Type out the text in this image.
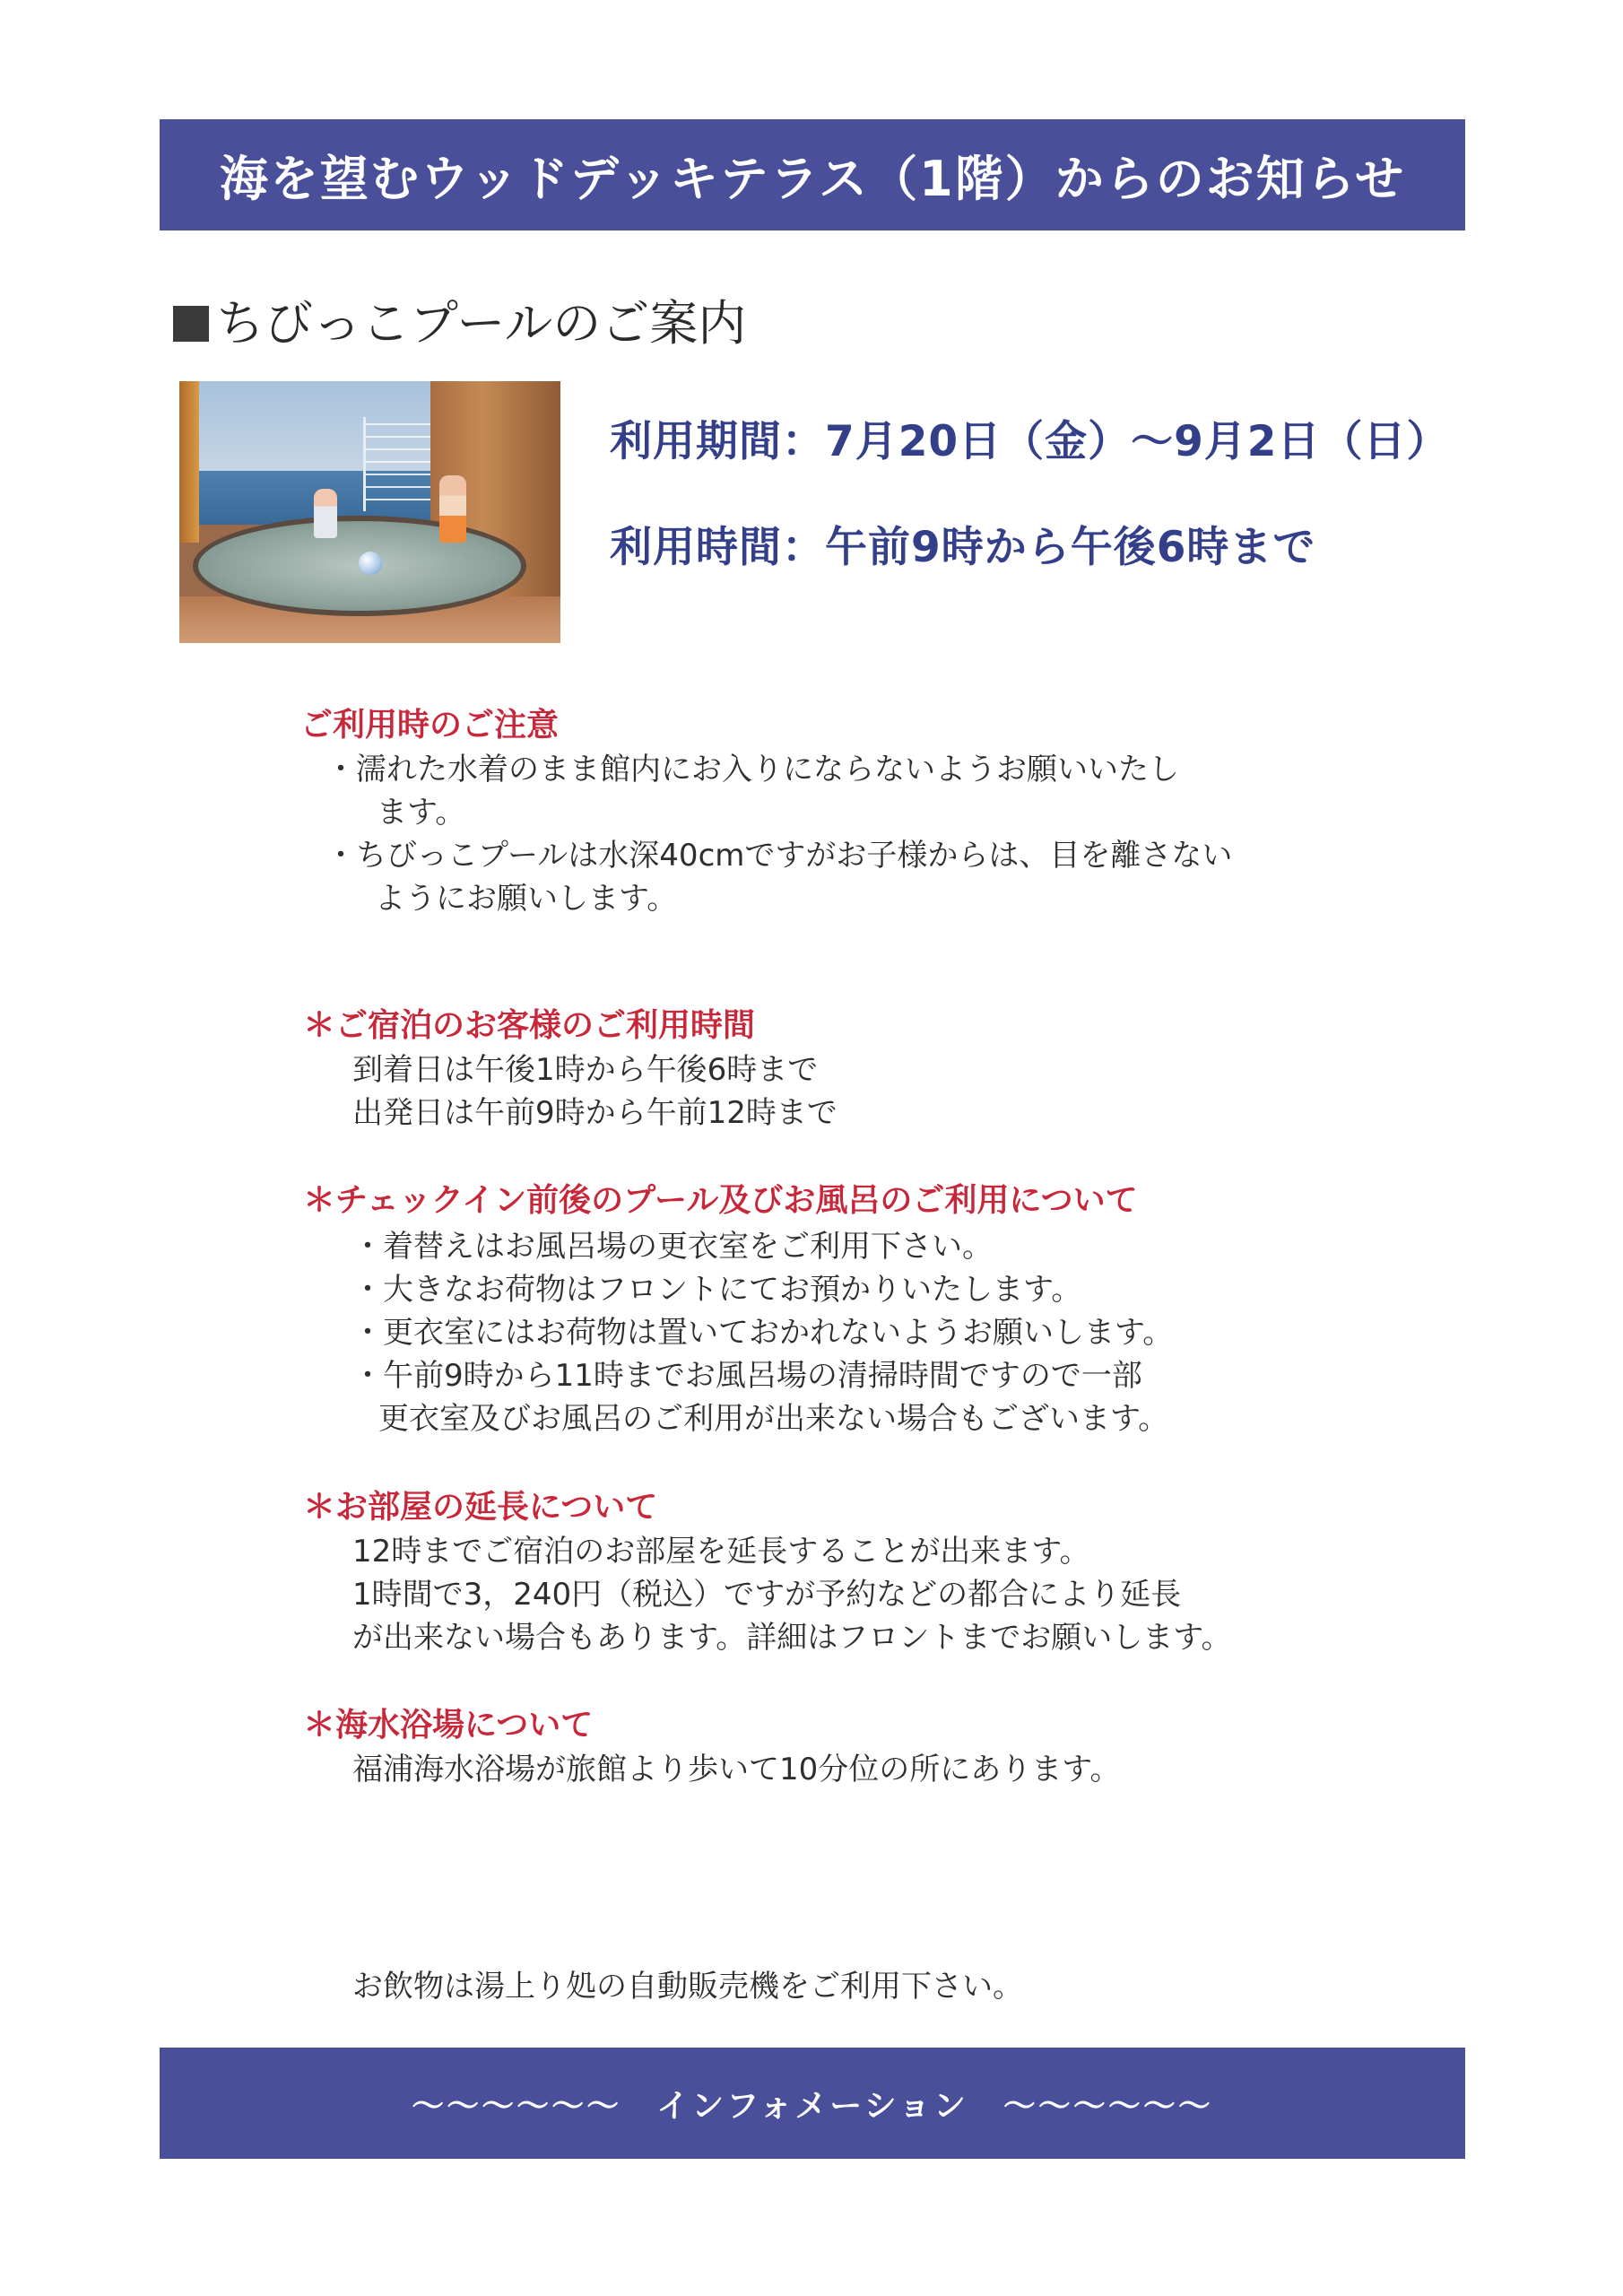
海を望むウッドデッキテラス（1階）からのお知らせ
ちびっこプールのご案内
利用期間：7月20日（金）～9月2日（日）
利用時間：午前9時から午後6時まで
ご利用時のご注意
・濡れた水着のまま館内にお入りにならないようお願いいたし
ます。
・ちびっこプールは水深40cmですがお子様からは、目を離さない
ようにお願いします。
＊ご宿泊のお客様のご利用時間
到着日は午後1時から午後6時まで
出発日は午前9時から午前12時まで
＊チェックイン前後のプール及びお風呂のご利用について
・着替えはお風呂場の更衣室をご利用下さい。
・大きなお荷物はフロントにてお預かりいたします。
・更衣室にはお荷物は置いておかれないようお願いします。
・午前9時から11時までお風呂場の清掃時間ですので一部
更衣室及びお風呂のご利用が出来ない場合もございます。
＊お部屋の延長について
12時までご宿泊のお部屋を延長することが出来ます。
1時間で3，240円（税込）ですが予約などの都合により延長
が出来ない場合もあります。詳細はフロントまでお願いします。
＊海水浴場について
福浦海水浴場が旅館より歩いて10分位の所にあります。
お飲物は湯上り処の自動販売機をご利用下さい。
～～～～～～　インフォメーション　～～～～～～
